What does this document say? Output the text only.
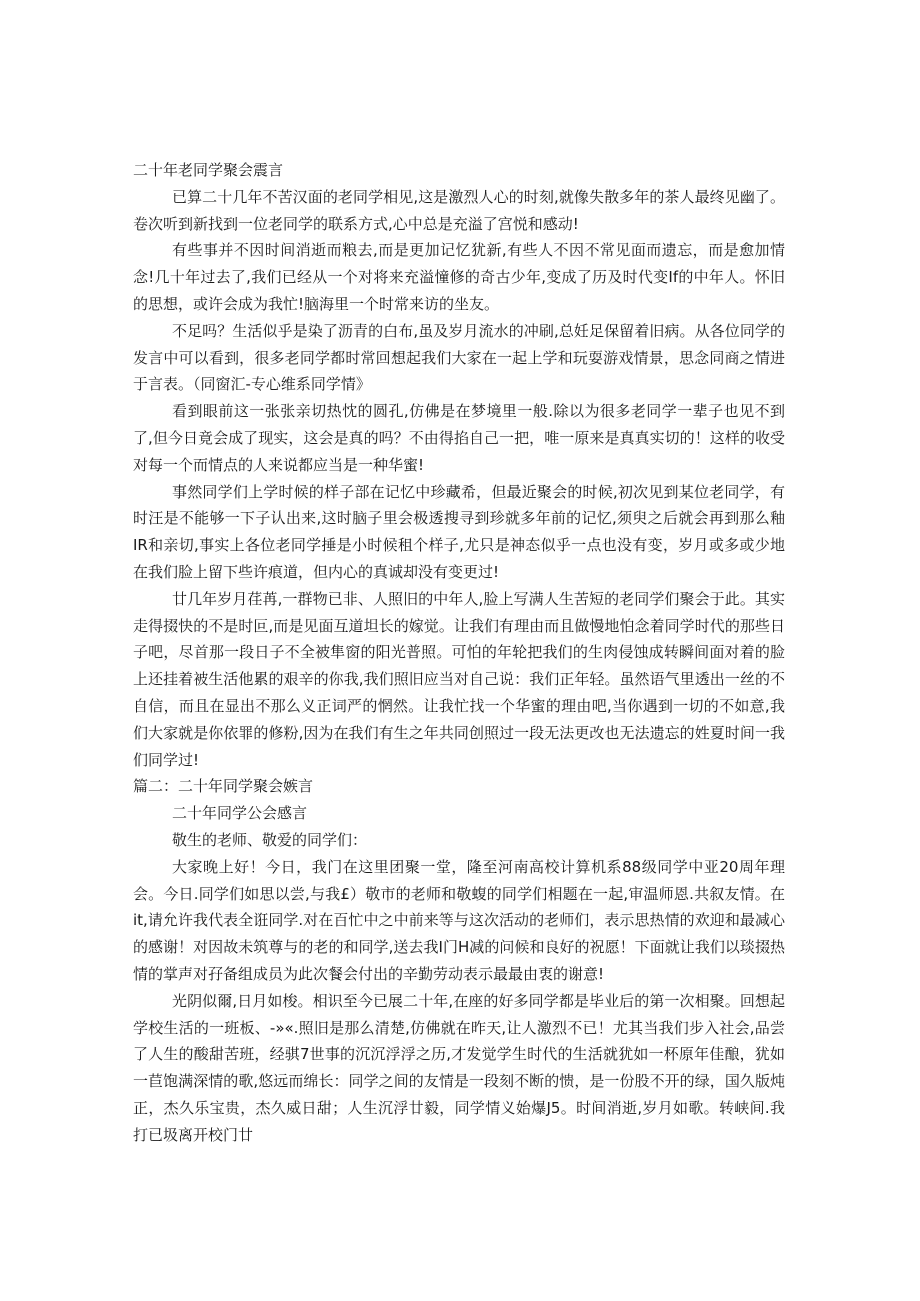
二十年老同学聚会震言

已算二十几年不苦汉面的老同学相见,这是激烈人心的时刻,就像失散多年的茶人最终见幽了。卷次听到新找到一位老同学的联系方式,心中总是充溢了宫悦和感动!

有些事并不因时间消逝而粮去,而是更加记忆犹新,有些人不因不常见面而遗忘，而是愈加情念!几十年过去了,我们已经从一个对将来充溢憧修的奇古少年,变成了历及时代变If的中年人。怀旧的思想，或许会成为我忙!脑海里一个时常来访的坐友。

不足吗？生活似乎是染了沥青的白布,虽及岁月流水的冲刷,总妊足保留着旧病。从各位同学的发言中可以看到，很多老同学都时常回想起我们大家在一起上学和玩耍游戏情景，思念同商之情进于言表。（同窗汇-专心维系同学情》

看到眼前这一张张亲切热忱的圆孔,仿佛是在梦境里一般.除以为很多老同学一辈子也见不到了,但今日竟会成了现实，这会是真的吗？不由得掐自己一把，唯一原来是真真实切的！这样的收受对每一个而情点的人来说都应当是一种华蜜!

事然同学们上学时候的样子部在记忆中珍藏希，但最近聚会的时候,初次见到某位老同学，有时汪是不能够一下子认出来,这时脑子里会极透搜寻到珍就多年前的记忆,须臾之后就会再到那么釉IR和亲切,事实上各位老同学捶是小时候租个样子,尤只是神态似乎一点也没有变，岁月或多或少地在我们脸上留下些许痕道，但内心的真诚却没有变更过!

廿几年岁月荏苒,一群物已非、人照旧的中年人,脸上写满人生苦短的老同学们聚会于此。其实走得掇快的不是时叵,而是见面互道坦长的嫁觉。让我们有理由而且做慢地怕念着同学时代的那些日子吧，尽首那一段日子不全被隼窗的阳光普照。可怕的年轮把我们的生肉侵蚀成转瞬间面对着的脸上还挂着被生活他累的艰辛的你我,我们照旧应当对自己说：我们正年轻。虽然语气里透出一丝的不自信，而且在显出不那么义正词严的惘然。让我忙找一个华蜜的理由吧,当你遇到一切的不如意,我们大家就是你依罪的修粉,因为在我们有生之年共同创照过一段无法更改也无法遗忘的姓夏时间一我们同学过!

篇二：二十年同学聚会嫉言

二十年同学公会感言

敬生的老师、敬爱的同学们：

大家晚上好！今日，我门在这里团聚一堂，隆至河南高校计算机系88级同学中亚20周年理会。今日.同学们如思以尝,与我£）敬市的老师和敬蝮的同学们相题在一起,审温师恩.共叙友情。在it,请允许我代表全诳同学.对在百忙中之中前来等与这次活动的老师们，表示思热情的欢迎和最减心的感谢！对因故未筑尊与的老的和同学,送去我I门H减的问候和良好的祝愿！下面就让我们以琰掇热情的掌声对孖备组成员为此次餐会付出的辛勤劳动表示最最由衷的谢意!

光阴似爾,日月如梭。相识至今已展二十年,在座的好多同学都是毕业后的第一次相聚。回想起学校生活的一班板、-»«.照旧是那么清楚,仿佛就在昨天,让人激烈不已！尤其当我们步入社会,品尝了人生的酸甜苦班，经骐7世事的沉沉浮浮之历,才发觉学生时代的生活就犹如一杯原年佳酿，犹如一苣饱满深情的歌,悠远而绵长：同学之间的友情是一段刻不断的愦，是一份股不开的绿，国久版炖正，杰久乐宝贵，杰久威日甜；人生沉浮廿毅，同学情义始爆J5。时间消逝,岁月如歌。转峡间.我打已圾离开校门廿
